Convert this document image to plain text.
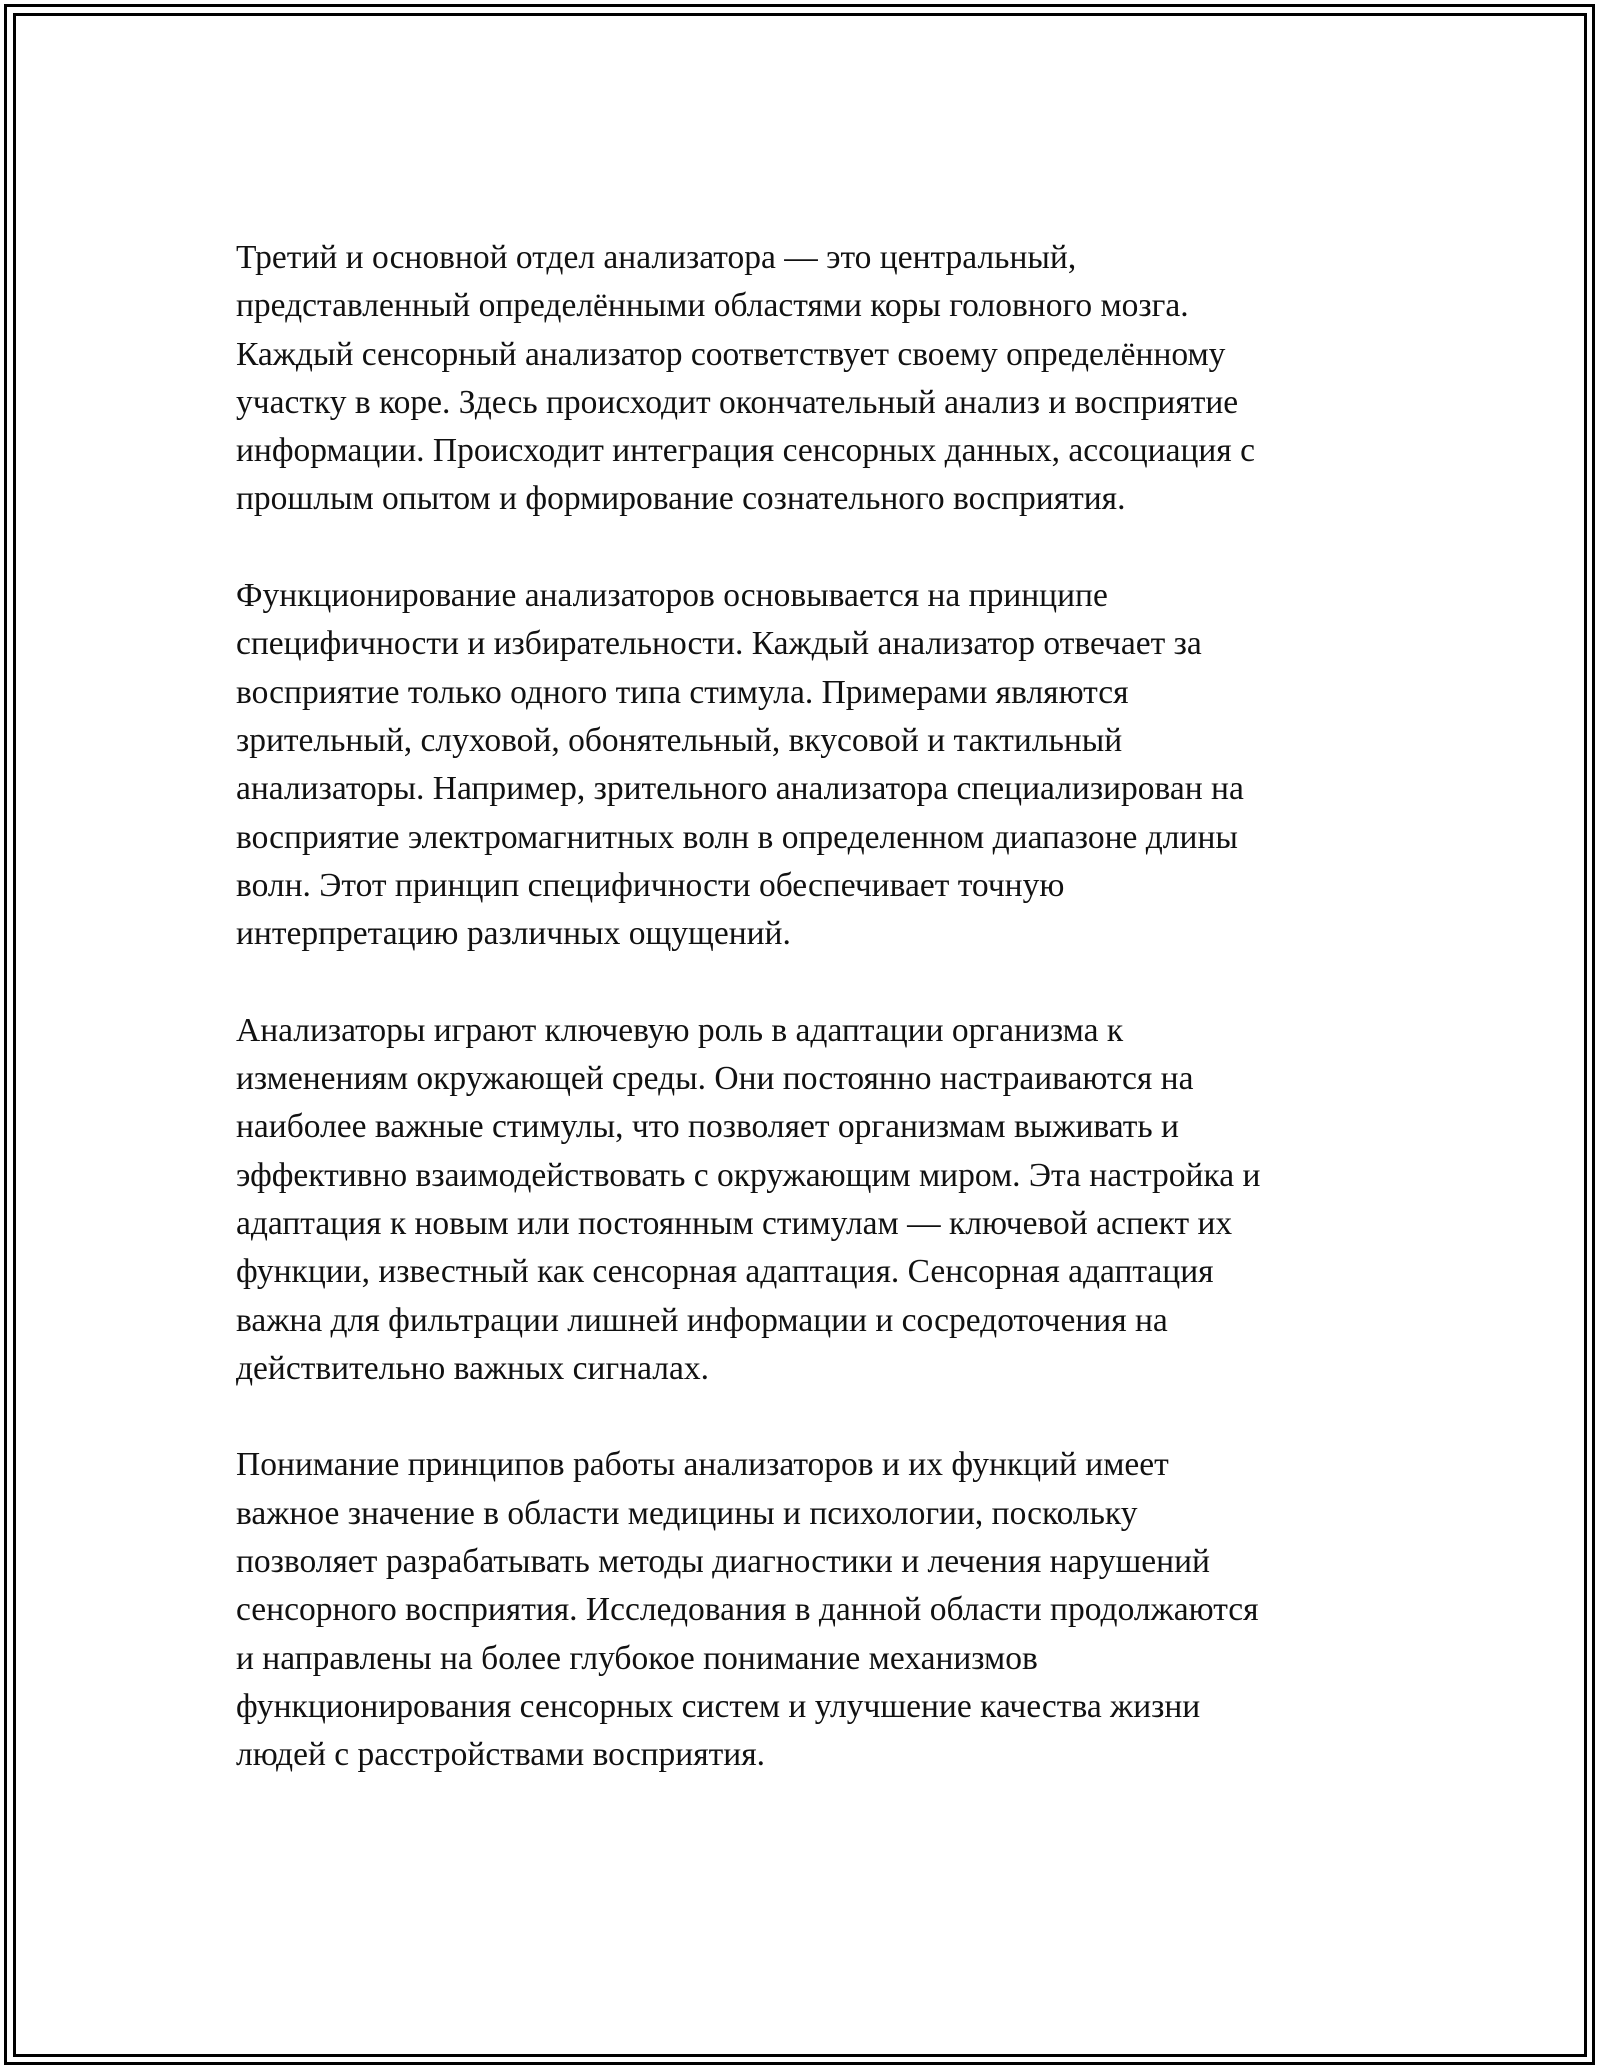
Третий и основной отдел анализатора — это центральный,
представленный определёнными областями коры головного мозга.
Каждый сенсорный анализатор соответствует своему определённому
участку в коре. Здесь происходит окончательный анализ и восприятие
информации. Происходит интеграция сенсорных данных, ассоциация с
прошлым опытом и формирование сознательного восприятия.

Функционирование анализаторов основывается на принципе
специфичности и избирательности. Каждый анализатор отвечает за
восприятие только одного типа стимула. Примерами являются
зрительный, слуховой, обонятельный, вкусовой и тактильный
анализаторы. Например, зрительного анализатора специализирован на
восприятие электромагнитных волн в определенном диапазоне длины
волн. Этот принцип специфичности обеспечивает точную
интерпретацию различных ощущений.

Анализаторы играют ключевую роль в адаптации организма к
изменениям окружающей среды. Они постоянно настраиваются на
наиболее важные стимулы, что позволяет организмам выживать и
эффективно взаимодействовать с окружающим миром. Эта настройка и
адаптация к новым или постоянным стимулам — ключевой аспект их
функции, известный как сенсорная адаптация. Сенсорная адаптация
важна для фильтрации лишней информации и сосредоточения на
действительно важных сигналах.

Понимание принципов работы анализаторов и их функций имеет
важное значение в области медицины и психологии, поскольку
позволяет разрабатывать методы диагностики и лечения нарушений
сенсорного восприятия. Исследования в данной области продолжаются
и направлены на более глубокое понимание механизмов
функционирования сенсорных систем и улучшение качества жизни
людей с расстройствами восприятия.
